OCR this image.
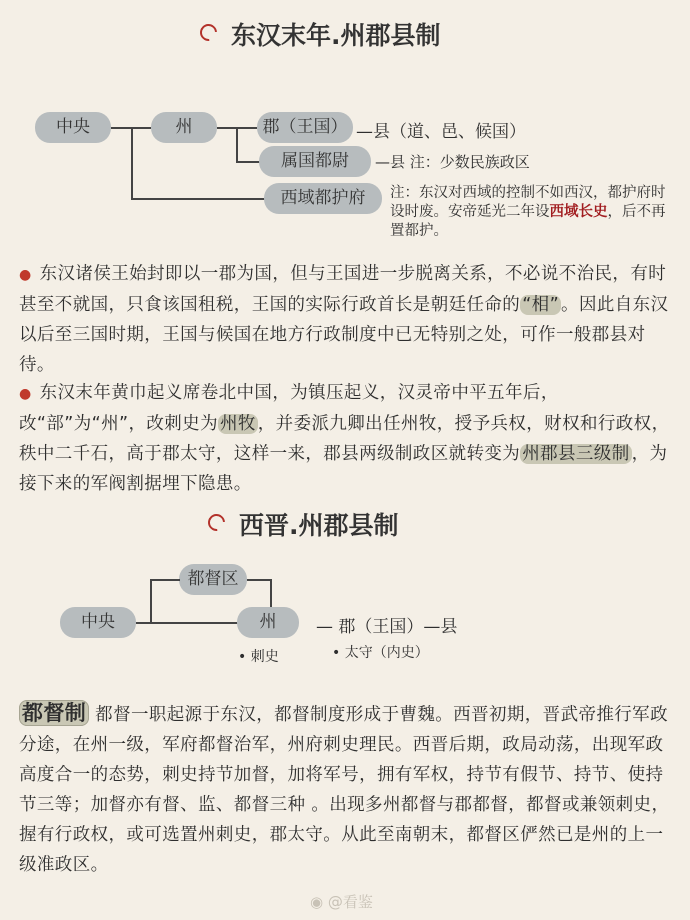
东汉末年.州郡县制
中央	州	郡（王国） —县（道、邑、候国）
属国都尉	—县 注：少数民族政区
西域都护府	注：东汉对西域的控制不如西汉，都护府时设时废。安帝延光二年设西域长史，后不再置都护。
● 东汉诸侯王始封即以一郡为国，但与王国进一步脱离关系，不必说不治民，有时甚至不就国，只食该国租税，王国的实际行政首长是朝廷任命的 “相” 。因此自东汉以后至三国时期，王国与候国在地方行政制度中已无特别之处，可作一般郡县对待。
● 东汉末年黄巾起义席卷北中国，为镇压起义，汉灵帝中平五年后，改“部”为“州”，改刺史为 州牧 ，并委派九卿出任州牧，授予兵权，财权和行政权，秩中二千石，高于郡太守，这样一来，郡县两级制政区就转变为 州郡县三级制 ，为接下来的军阀割据埋下隐患。
西晋.州郡县制
都督区
中央	州	— 郡（王国）—县
• 刺史	• 太守（内史）
都督制 都督一职起源于东汉，都督制度形成于曹魏。西晋初期，晋武帝推行军政分途，在州一级，军府都督治军，州府刺史理民。西晋后期，政局动荡，出现军政高度合一的态势，刺史持节加督，加将军号，拥有军权，持节有假节、持节、使持节三等；加督亦有督、监、都督三种 。出现多州都督与郡都督，都督或兼领刺史，握有行政权，或可选置州刺史，郡太守。从此至南朝末，都督区俨然已是州的上一级准政区。
◉ @看鉴
